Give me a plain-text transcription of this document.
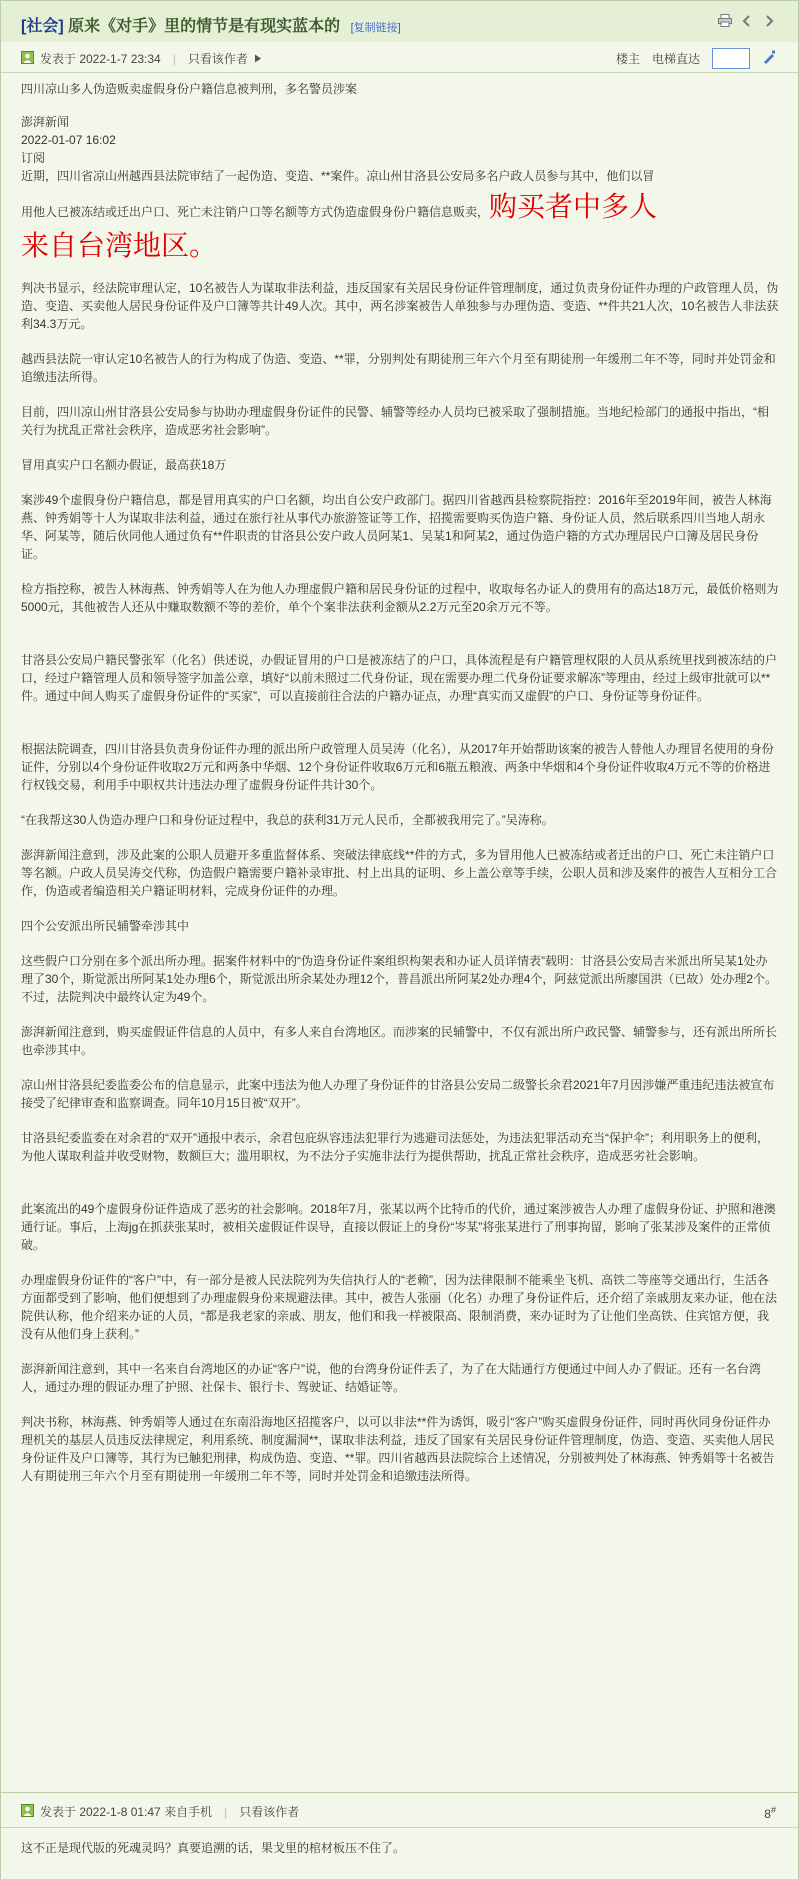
[社会] 原来《对手》里的情节是有现实蓝本的 [复制链接]
发表于 2022-1-7 23:34 | 只看该作者	楼主 电梯直达

四川凉山多人伪造贩卖虚假身份户籍信息被判刑，多名警员涉案

澎湃新闻

2022-01-07 16:02

订阅

近期，四川省凉山州越西县法院审结了一起伪造、变造、**案件。凉山州甘洛县公安局多名户政人员参与其中，他们以冒

用他人已被冻结或迁出户口、死亡未注销户口等名额等方式伪造虚假身份户籍信息贩卖，购买者中多人

来自台湾地区。

判决书显示，经法院审理认定，10名被告人为谋取非法利益，违反国家有关居民身份证件管理制度，通过负责身份证件办理的户政管理人员，伪造、变造、买卖他人居民身份证件及户口簿等共计49人次。其中，两名涉案被告人单独参与办理伪造、变造、**件共21人次，10名被告人非法获利34.3万元。

越西县法院一审认定10名被告人的行为构成了伪造、变造、**罪，分别判处有期徒刑三年六个月至有期徒刑一年缓刑二年不等，同时并处罚金和追缴违法所得。

目前，四川凉山州甘洛县公安局参与协助办理虚假身份证件的民警、辅警等经办人员均已被采取了强制措施。当地纪检部门的通报中指出，“相关行为扰乱正常社会秩序，造成恶劣社会影响”。

冒用真实户口名额办假证，最高获18万

案涉49个虚假身份户籍信息，都是冒用真实的户口名额，均出自公安户政部门。据四川省越西县检察院指控：2016年至2019年间，被告人林海燕、钟秀娟等十人为谋取非法利益，通过在旅行社从事代办旅游签证等工作，招揽需要购买伪造户籍、身份证人员，然后联系四川当地人胡永华、阿某等，随后伙同他人通过负有**件职责的甘洛县公安户政人员阿某1、吴某1和阿某2，通过伪造户籍的方式办理居民户口簿及居民身份证。

检方指控称，被告人林海燕、钟秀娟等人在为他人办理虚假户籍和居民身份证的过程中，收取每名办证人的费用有的高达18万元，最低价格则为5000元，其他被告人还从中赚取数额不等的差价，单个个案非法获利金额从2.2万元至20余万元不等。

甘洛县公安局户籍民警张军（化名）供述说，办假证冒用的户口是被冻结了的户口，具体流程是有户籍管理权限的人员从系统里找到被冻结的户口，经过户籍管理人员和领导签字加盖公章，填好“以前未照过二代身份证，现在需要办理二代身份证要求解冻”等理由，经过上级审批就可以**件。通过中间人购买了虚假身份证件的“买家”，可以直接前往合法的户籍办证点，办理“真实而又虚假”的户口、身份证等身份证件。

根据法院调查，四川甘洛县负责身份证件办理的派出所户政管理人员吴涛（化名），从2017年开始帮助该案的被告人替他人办理冒名使用的身份证件，分别以4个身份证件收取2万元和两条中华烟、12个身份证件收取6万元和6瓶五粮液、两条中华烟和4个身份证件收取4万元不等的价格进行权钱交易，利用手中职权共计违法办理了虚假身份证件共计30个。

“在我帮这30人伪造办理户口和身份证过程中，我总的获利31万元人民币，全都被我用完了。”吴涛称。

澎湃新闻注意到，涉及此案的公职人员避开多重监督体系、突破法律底线**件的方式，多为冒用他人已被冻结或者迁出的户口、死亡未注销户口等名额。户政人员吴涛交代称，伪造假户籍需要户籍补录审批、村上出具的证明、乡上盖公章等手续，公职人员和涉及案件的被告人互相分工合作，伪造或者编造相关户籍证明材料，完成身份证件的办理。

四个公安派出所民辅警牵涉其中

这些假户口分别在多个派出所办理。据案件材料中的“伪造身份证件案组织构架表和办证人员详情表”载明：甘洛县公安局吉米派出所吴某1处办理了30个，斯觉派出所阿某1处办理6个，斯觉派出所余某处办理12个，普昌派出所阿某2处办理4个，阿兹觉派出所廖国洪（已故）处办理2个。不过，法院判决中最终认定为49个。

澎湃新闻注意到，购买虚假证件信息的人员中，有多人来自台湾地区。而涉案的民辅警中，不仅有派出所户政民警、辅警参与，还有派出所所长也牵涉其中。

凉山州甘洛县纪委监委公布的信息显示，此案中违法为他人办理了身份证件的甘洛县公安局二级警长余君2021年7月因涉嫌严重违纪违法被宣布接受了纪律审查和监察调查。同年10月15日被“双开”。

甘洛县纪委监委在对余君的“双开”通报中表示，余君包庇纵容违法犯罪行为逃避司法惩处，为违法犯罪活动充当“保护伞”；利用职务上的便利，为他人谋取利益并收受财物，数额巨大；滥用职权，为不法分子实施非法行为提供帮助，扰乱正常社会秩序，造成恶劣社会影响。

此案流出的49个虚假身份证件造成了恶劣的社会影响。2018年7月，张某以两个比特币的代价，通过案涉被告人办理了虚假身份证、护照和港澳通行证。事后，上海jg在抓获张某时，被相关虚假证件误导，直接以假证上的身份“岑某”将张某进行了刑事拘留，影响了张某涉及案件的正常侦破。

办理虚假身份证件的“客户”中，有一部分是被人民法院列为失信执行人的“老赖”，因为法律限制不能乘坐飞机、高铁二等座等交通出行，生活各方面都受到了影响，他们便想到了办理虚假身份来规避法律。其中，被告人张丽（化名）办理了身份证件后，还介绍了亲戚朋友来办证，他在法院供认称，他介绍来办证的人员，“都是我老家的亲戚、朋友，他们和我一样被限高、限制消费，来办证时为了让他们坐高铁、住宾馆方便，我没有从他们身上获利。”

澎湃新闻注意到，其中一名来自台湾地区的办证“客户”说，他的台湾身份证件丢了，为了在大陆通行方便通过中间人办了假证。还有一名台湾人，通过办理的假证办理了护照、社保卡、银行卡、驾驶证、结婚证等。

判决书称，林海燕、钟秀娟等人通过在东南沿海地区招揽客户，以可以非法**件为诱饵，吸引“客户”购买虚假身份证件，同时再伙同身份证件办理机关的基层人员违反法律规定，利用系统、制度漏洞**，谋取非法利益，违反了国家有关居民身份证件管理制度，伪造、变造、买卖他人居民身份证件及户口簿等，其行为已触犯刑律，构成伪造、变造、**罪。四川省越西县法院综合上述情况，分别被判处了林海燕、钟秀娟等十名被告人有期徒刑三年六个月至有期徒刑一年缓刑二年不等，同时并处罚金和追缴违法所得。

发表于 2022-1-8 01:47 来自手机 | 只看该作者	8#

这不正是现代版的死魂灵吗？真要追溯的话，果戈里的棺材板压不住了。
